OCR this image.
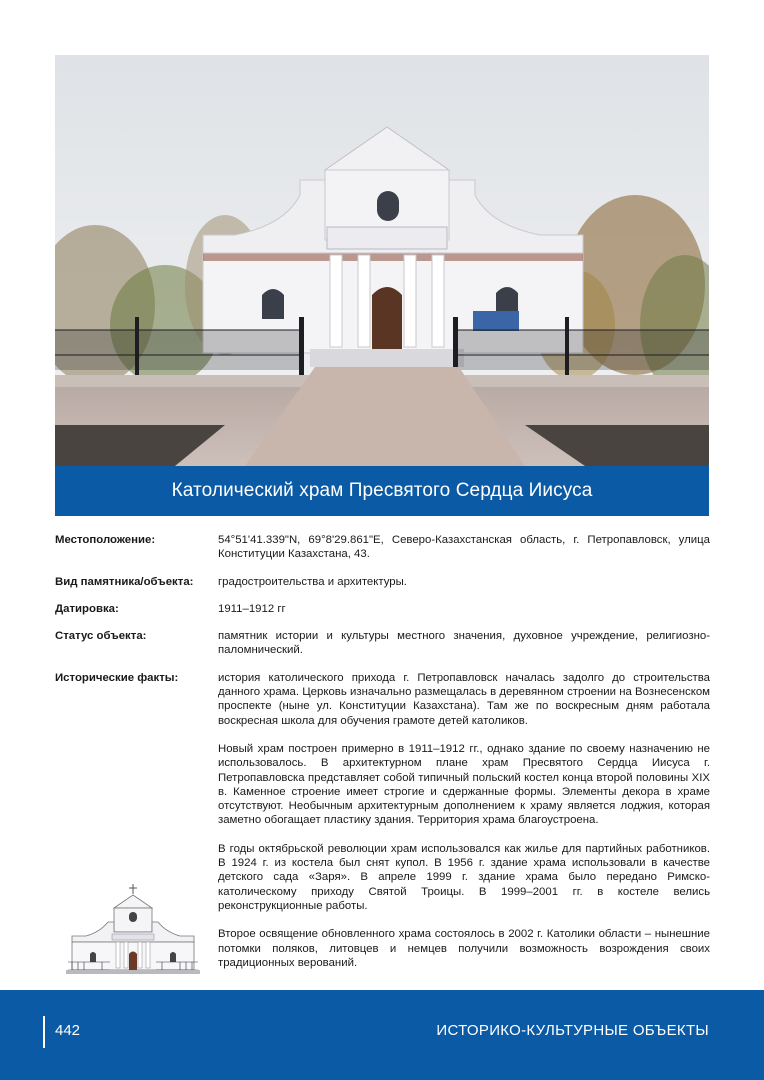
Католический храм Пресвятого Сердца Иисуса
Местоположение:	54°51'41.339"N, 69°8'29.861"E, Северо-Казахстанская область, г. Петропавловск, улица Конституции Казахстана, 43.
Вид памятника/объекта:	градостроительства и архитектуры.
Датировка:	1911–1912 гг
Статус объекта:	памятник истории и культуры местного значения, духовное учреждение, религиозно-паломнический.
Исторические факты:	история католического прихода г. Петропавловск началась задолго до строительства данного храма. Церковь изначально размещалась в деревянном строении на Вознесенском проспекте (ныне ул. Конституции Казахстана). Там же по воскресным дням работала воскресная школа для обучения грамоте детей католиков.

Новый храм построен примерно в 1911–1912 гг., однако здание по своему назначению не использовалось. В архитектурном плане храм Пресвятого Сердца Иисуса г. Петропавловска представляет собой типичный польский костел конца второй половины XIX в. Каменное строение имеет строгие и сдержанные формы. Элементы декора в храме отсутствуют. Необычным архитектурным дополнением к храму является лоджия, которая заметно обогащает пластику здания. Территория храма благоустроена.

В годы октябрьской революции храм использовался как жилье для партийных работников. В 1924 г. из костела был снят купол. В 1956 г. здание храма использовали в качестве детского сада «Заря». В апреле 1999 г. здание храма было передано Римско-католическому приходу Святой Троицы. В 1999–2001 гг. в костеле велись реконструкционные работы.

Второе освящение обновленного храма состоялось в 2002 г. Католики области – нынешние потомки поляков, литовцев и немцев получили возможность возрождения своих традиционных верований.

442	ИСТОРИКО-КУЛЬТУРНЫЕ ОБЪЕКТЫ
